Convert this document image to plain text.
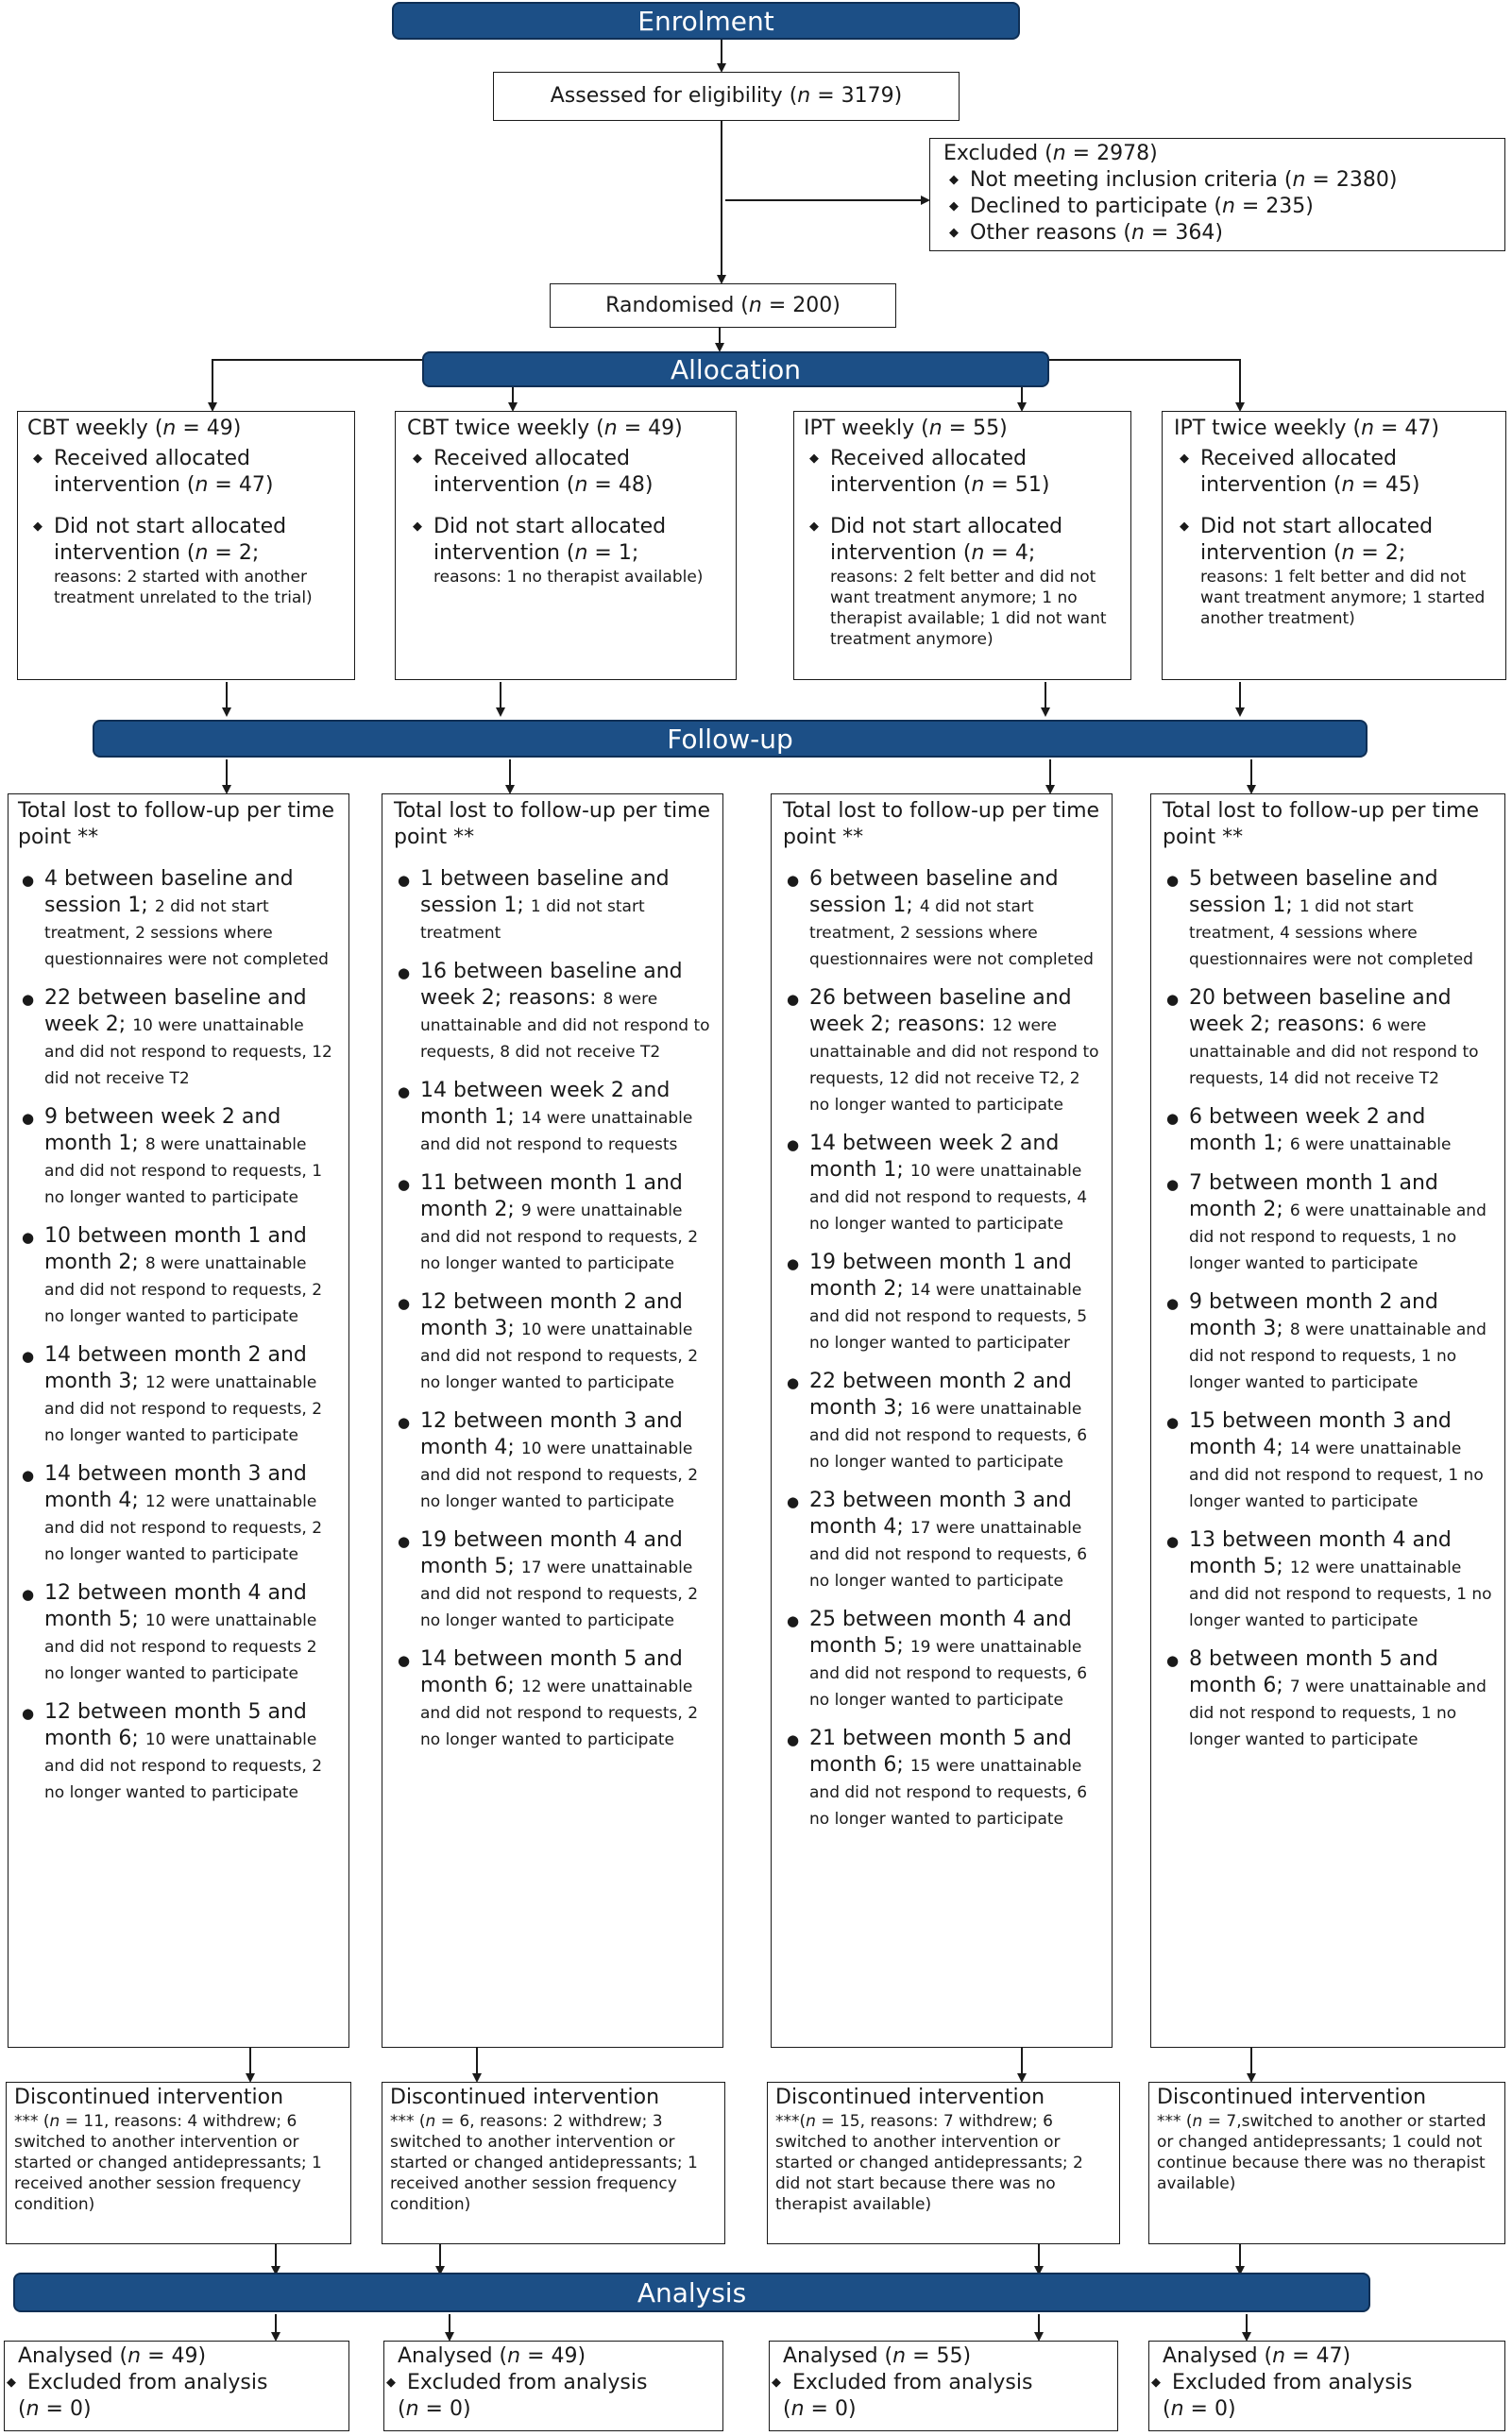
Enrolment
Allocation
Follow-up
Analysis
Assessed for eligibility (n = 3179)
Excluded (n = 2978)
◆ Not meeting inclusion criteria (n = 2380)
◆ Declined to participate (n = 235)
◆ Other reasons (n = 364)
Randomised (n = 200)
CBT weekly (n = 49)
◆ Received allocated intervention (n = 47)
◆ Did not start allocated intervention (n = 2;
reasons: 2 started with another treatment unrelated to the trial)
CBT twice weekly (n = 49)
◆ Received allocated intervention (n = 48)
◆ Did not start allocated intervention (n = 1;
reasons: 1 no therapist available)
IPT weekly (n = 55)
◆ Received allocated intervention (n = 51)
◆ Did not start allocated intervention (n = 4;
reasons: 2 felt better and did not want treatment anymore; 1 no therapist available; 1 did not want treatment anymore)
IPT twice weekly (n = 47)
◆ Received allocated intervention (n = 45)
◆ Did not start allocated intervention (n = 2;
reasons: 1 felt better and did not want treatment anymore; 1 started another treatment)
Total lost to follow-up per time point **
● 4 between baseline and session 1; 2 did not start treatment, 2 sessions where questionnaires were not completed
● 22 between baseline and week 2; 10 were unattainable and did not respond to requests, 12 did not receive T2
● 9 between week 2 and month 1; 8 were unattainable and did not respond to requests, 1 no longer wanted to participate
● 10 between month 1 and month 2; 8 were unattainable and did not respond to requests, 2 no longer wanted to participate
● 14 between month 2 and month 3; 12 were unattainable and did not respond to requests, 2 no longer wanted to participate
● 14 between month 3 and month 4; 12 were unattainable and did not respond to requests, 2 no longer wanted to participate
● 12 between month 4 and month 5; 10 were unattainable and did not respond to requests 2 no longer wanted to participate
● 12 between month 5 and month 6; 10 were unattainable and did not respond to requests, 2 no longer wanted to participate
Total lost to follow-up per time point **
● 1 between baseline and session 1; 1 did not start treatment
● 16 between baseline and week 2; reasons: 8 were unattainable and did not respond to requests, 8 did not receive T2
● 14 between week 2 and month 1; 14 were unattainable and did not respond to requests
● 11 between month 1 and month 2; 9 were unattainable and did not respond to requests, 2 no longer wanted to participate
● 12 between month 2 and month 3; 10 were unattainable and did not respond to requests, 2 no longer wanted to participate
● 12 between month 3 and month 4; 10 were unattainable and did not respond to requests, 2 no longer wanted to participate
● 19 between month 4 and month 5; 17 were unattainable and did not respond to requests, 2 no longer wanted to participate
● 14 between month 5 and month 6; 12 were unattainable and did not respond to requests, 2 no longer wanted to participate
Total lost to follow-up per time point **
● 6 between baseline and session 1; 4 did not start treatment, 2 sessions where questionnaires were not completed
● 26 between baseline and week 2; reasons: 12 were unattainable and did not respond to requests, 12 did not receive T2, 2 no longer wanted to participate
● 14 between week 2 and month 1; 10 were unattainable and did not respond to requests, 4 no longer wanted to participate
● 19 between month 1 and month 2; 14 were unattainable and did not respond to requests, 5 no longer wanted to participater
● 22 between month 2 and month 3; 16 were unattainable and did not respond to requests, 6 no longer wanted to participate
● 23 between month 3 and month 4; 17 were unattainable and did not respond to requests, 6 no longer wanted to participate
● 25 between month 4 and month 5; 19 were unattainable and did not respond to requests, 6 no longer wanted to participate
● 21 between month 5 and month 6; 15 were unattainable and did not respond to requests, 6 no longer wanted to participate
Total lost to follow-up per time point **
● 5 between baseline and session 1; 1 did not start treatment, 4 sessions where questionnaires were not completed
● 20 between baseline and week 2; reasons: 6 were unattainable and did not respond to requests, 14 did not receive T2
● 6 between week 2 and month 1; 6 were unattainable
● 7 between month 1 and month 2; 6 were unattainable and did not respond to requests, 1 no longer wanted to participate
● 9 between month 2 and month 3; 8 were unattainable and did not respond to requests, 1 no longer wanted to participate
● 15 between month 3 and month 4; 14 were unattainable and did not respond to request, 1 no longer wanted to participate
● 13 between month 4 and month 5; 12 were unattainable and did not respond to requests, 1 no longer wanted to participate
● 8 between month 5 and month 6; 7 were unattainable and did not respond to requests, 1 no longer wanted to participate
Discontinued intervention
*** (n = 11, reasons: 4 withdrew; 6 switched to another intervention or started or changed antidepressants; 1 received another session frequency condition)
Discontinued intervention
*** (n = 6, reasons: 2 withdrew; 3 switched to another intervention or started or changed antidepressants; 1 received another session frequency condition)
Discontinued intervention
***(n = 15, reasons: 7 withdrew; 6 switched to another intervention or started or changed antidepressants; 2 did not start because there was no therapist available)
Discontinued intervention
*** (n = 7,switched to another or started or changed antidepressants; 1 could not continue because there was no therapist available)
Analysed (n = 49)
◆ Excluded from analysis
(n = 0)
Analysed (n = 49)
◆ Excluded from analysis
(n = 0)
Analysed (n = 55)
◆ Excluded from analysis
(n = 0)
Analysed (n = 47)
◆ Excluded from analysis
(n = 0)
